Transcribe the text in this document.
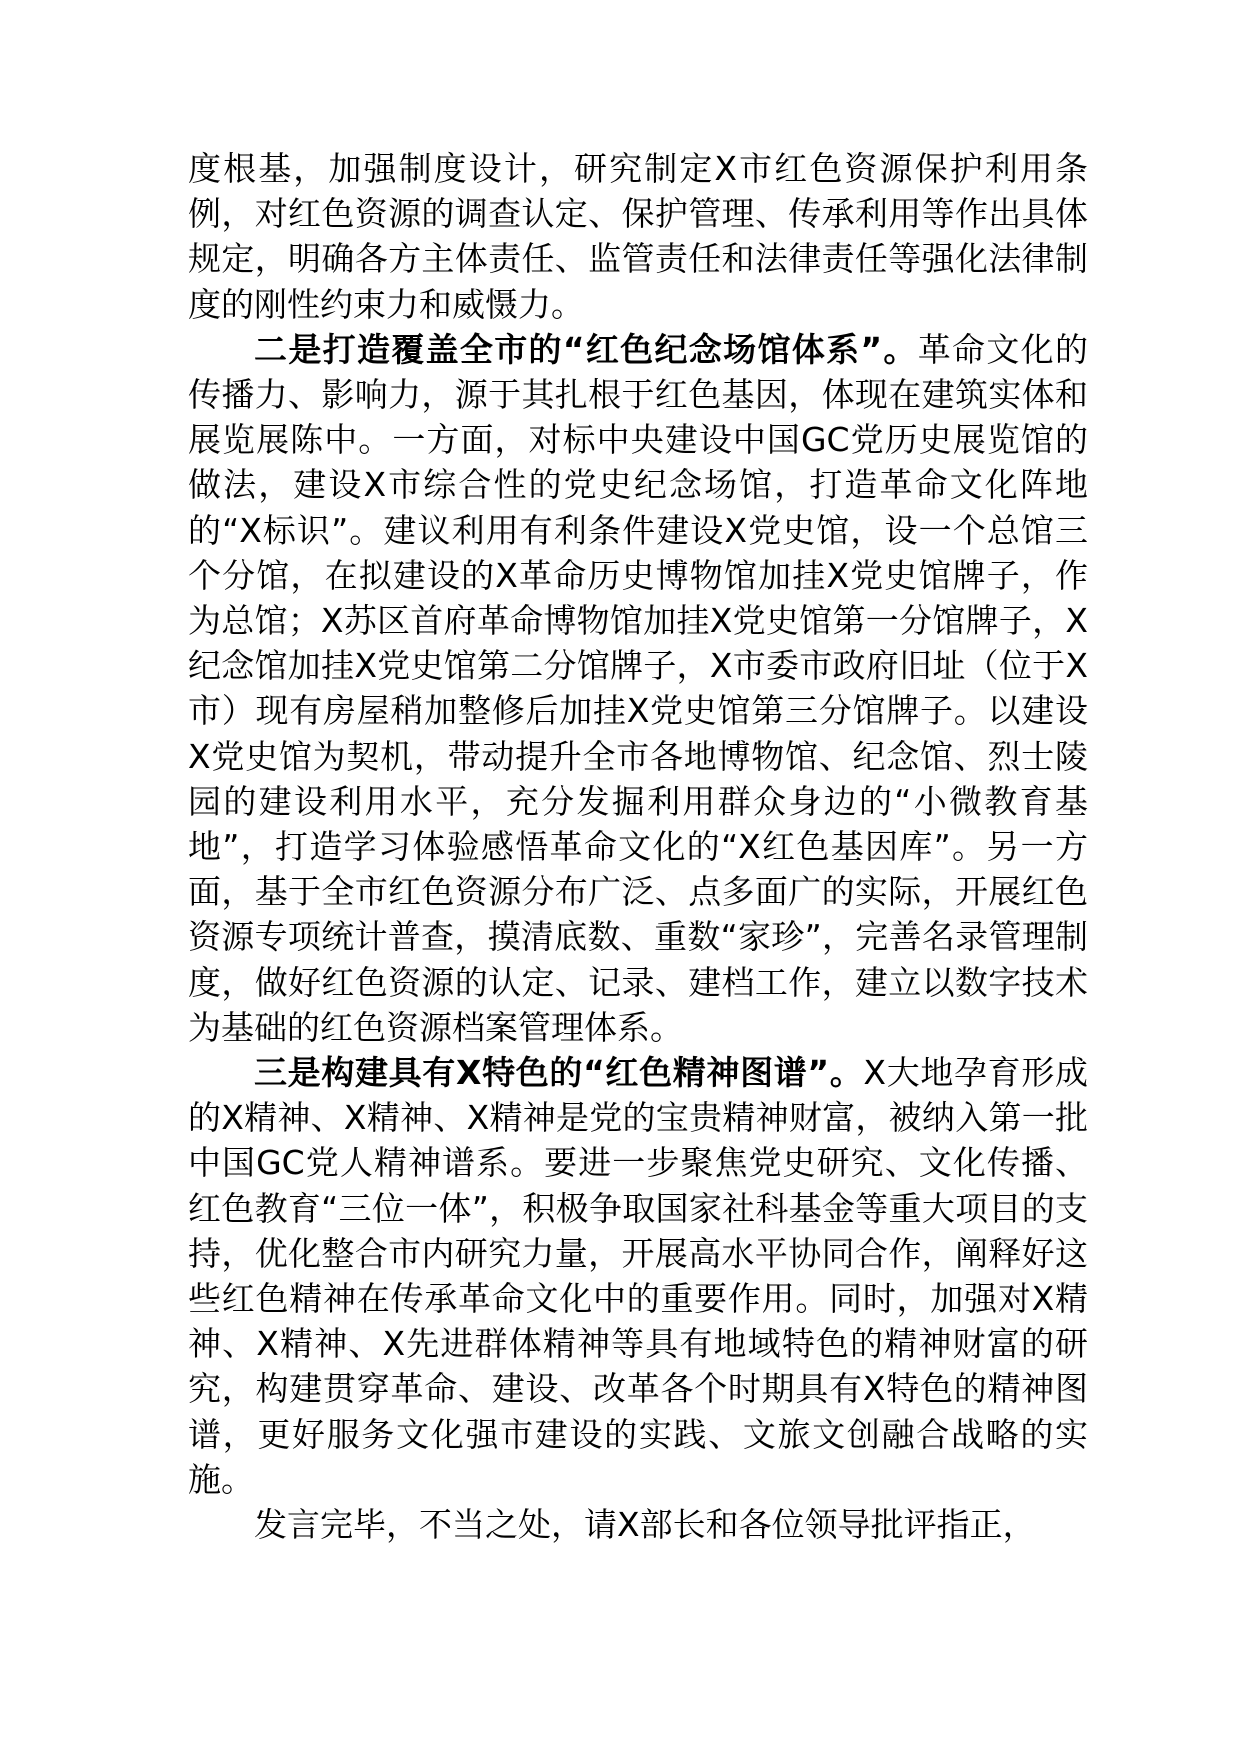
度根基，加强制度设计，研究制定X市红色资源保护利用条例，对红色资源的调查认定、保护管理、传承利用等作出具体规定，明确各方主体责任、监管责任和法律责任等强化法律制度的刚性约束力和威慑力。

二是打造覆盖全市的“红色纪念场馆体系”。革命文化的传播力、影响力，源于其扎根于红色基因，体现在建筑实体和展览展陈中。一方面，对标中央建设中国GC党历史展览馆的做法，建设X市综合性的党史纪念场馆，打造革命文化阵地的“X标识”。建议利用有利条件建设X党史馆，设一个总馆三个分馆，在拟建设的X革命历史博物馆加挂X党史馆牌子，作为总馆；X苏区首府革命博物馆加挂X党史馆第一分馆牌子，X纪念馆加挂X党史馆第二分馆牌子，X市委市政府旧址（位于X市）现有房屋稍加整修后加挂X党史馆第三分馆牌子。以建设X党史馆为契机，带动提升全市各地博物馆、纪念馆、烈士陵园的建设利用水平，充分发掘利用群众身边的“小微教育基地”，打造学习体验感悟革命文化的“X红色基因库”。另一方面，基于全市红色资源分布广泛、点多面广的实际，开展红色资源专项统计普查，摸清底数、重数“家珍”，完善名录管理制度，做好红色资源的认定、记录、建档工作，建立以数字技术为基础的红色资源档案管理体系。

三是构建具有X特色的“红色精神图谱”。X大地孕育形成的X精神、X精神、X精神是党的宝贵精神财富，被纳入第一批中国GC党人精神谱系。要进一步聚焦党史研究、文化传播、红色教育“三位一体”，积极争取国家社科基金等重大项目的支持，优化整合市内研究力量，开展高水平协同合作，阐释好这些红色精神在传承革命文化中的重要作用。同时，加强对X精神、X精神、X先进群体精神等具有地域特色的精神财富的研究，构建贯穿革命、建设、改革各个时期具有X特色的精神图谱，更好服务文化强市建设的实践、文旅文创融合战略的实施。

发言完毕，不当之处，请X部长和各位领导批评指正，
